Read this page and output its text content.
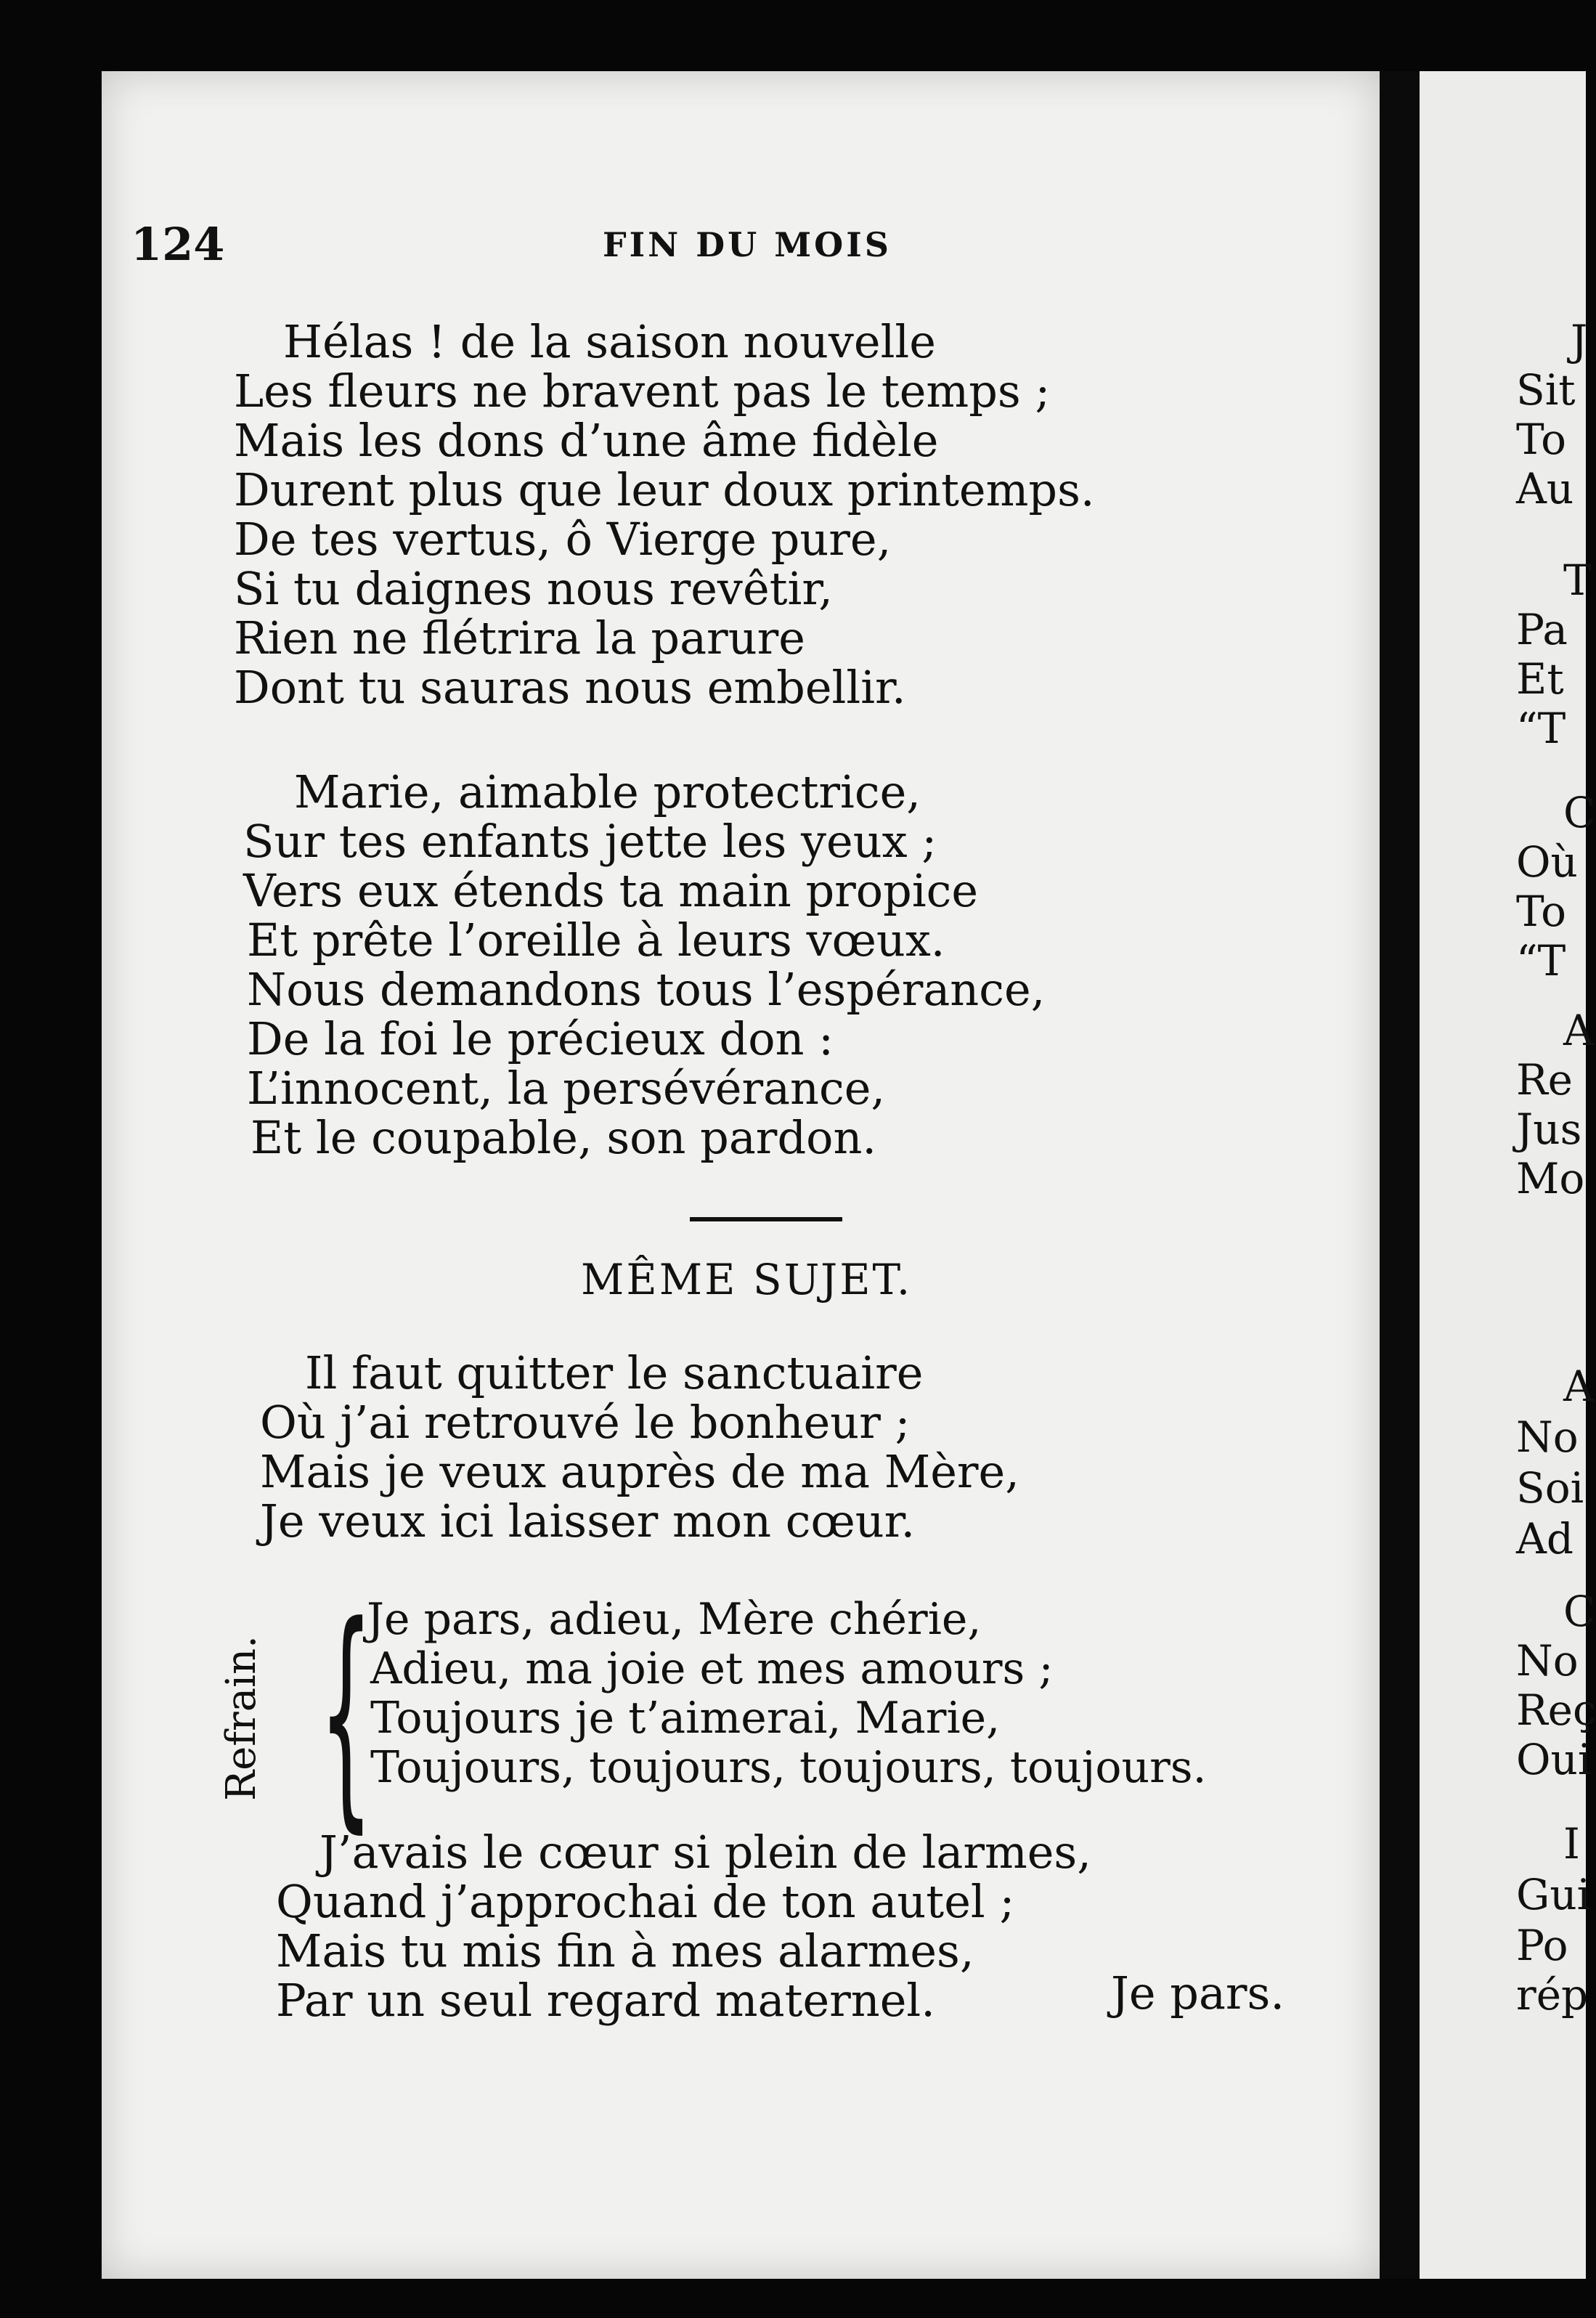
124	FIN DU MOIS
Hélas ! de la saison nouvelle
Les fleurs ne bravent pas le temps ;
Mais les dons d’une âme fidèle
Durent plus que leur doux printemps.
De tes vertus, ô Vierge pure,
Si tu daignes nous revêtir,
Rien ne flétrira la parure
Dont tu sauras nous embellir.
Marie, aimable protectrice,
Sur tes enfants jette les yeux ;
Vers eux étends ta main propice
Et prête l’oreille à leurs vœux.
Nous demandons tous l’espérance,
De la foi le précieux don :
L’innocent, la persévérance,
Et le coupable, son pardon.
MÊME SUJET.
Il faut quitter le sanctuaire
Où j’ai retrouvé le bonheur ;
Mais je veux auprès de ma Mère,
Je veux ici laisser mon cœur.
Refrain. {
Je pars, adieu, Mère chérie,
Adieu, ma joie et mes amours ;
Toujours je t’aimerai, Marie,
Toujours, toujours, toujours, toujours.
J’avais le cœur si plein de larmes,
Quand j’approchai de ton autel ;
Mais tu mis fin à mes alarmes,
Par un seul regard maternel.	Je pars.
J
Sit
To
Au
T
Pa
Et
“T
C
Où
To
“T
A
Re
Jus
Mo
A
No
Soi
Ad
C
No
Reç
Oui
I
Gui
Po
rép
